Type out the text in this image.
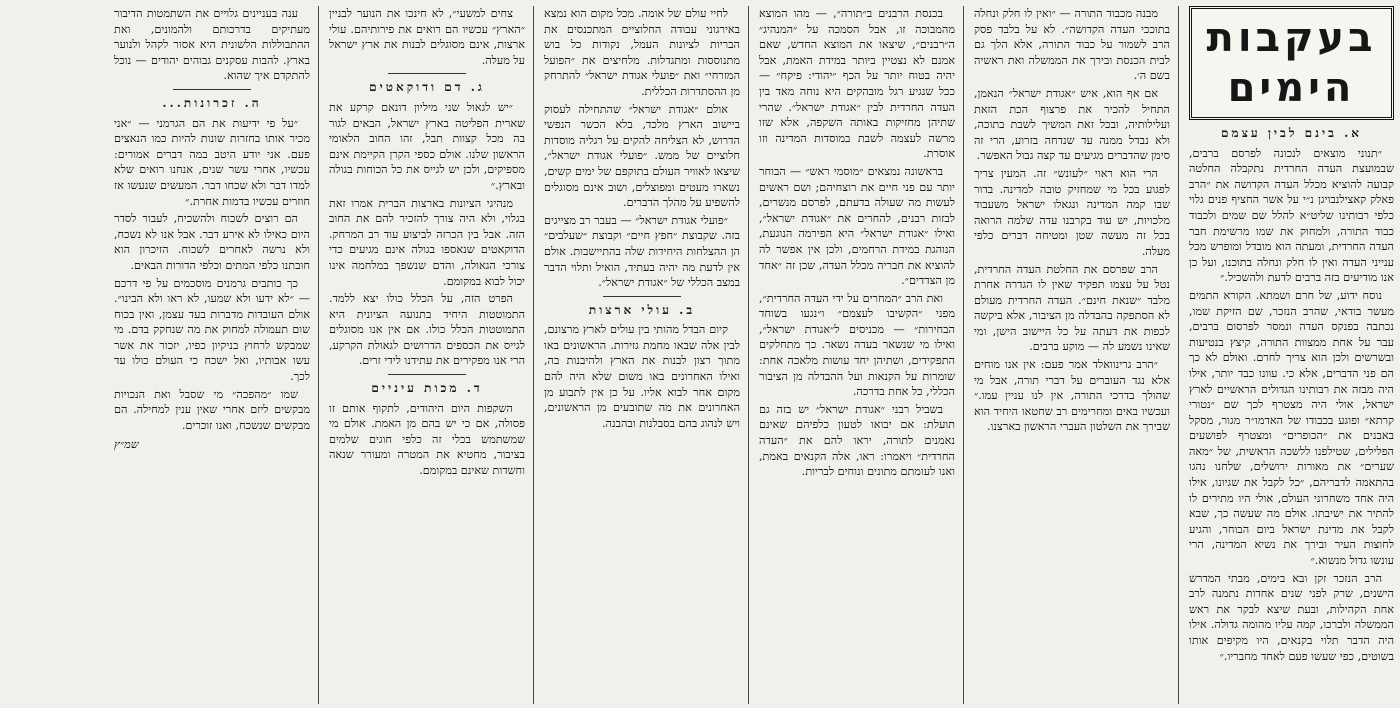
בעקבות הימים
א. בינם לבין עצמם

״תנוני מוצאים לנכונה לפרסם ברבים, שבמועצת העדה החרדית נתקבלה החלטה קבועה להוציא מכלל העדה הקדושה את ״הרב פאלק קאצילנבויגן נ״י על אשר החציף פנים גלוי כלפי רבותינו שליט״א להלל שם שמים ולכבוד כבוד התורה, ולמחוק את שמו מרשימת חבר העדה החרדית, ומעתה הוא מובדל ומופרש מכל ענייני העדה ואין לו חלק ונחלה בתוכנו, ועל כן אנו מודיעים בזה ברבים לדעת ולהשכיל.״

נוסח ידוע, של חרם ושמתא. הקורא התמים מעשר בודאי, שהרב הנזכר, שם הזיקת שמו, נכתבה בפנקס העדה ונמסר לפרסום ברבים, עבר על אחת ממצוות התורה, קיצץ בנטיעות ובשרשים ולכן הוא צריך לחרם. ואולם לא כך הם פני הדברים, אלא כי. עוונו כבד יותר, אילו היה מבזה את רבותינו הגדולים הראשיים לארץ ישראל, אולי היה מצטרף לכך שם ״נטורי קרתא״ ופוגע בכבודו של האדמו״ר מגור, מסקל באבנים את ״הכופרים״ ומצטרף לפושעים הפלילים, שטילפנו ללשכה הראשית, של ״מאה שערים״ את מאורות ירושלים, שלחנו נהגו בהתאמה לדבריהם, ״כל לקבל את שגיונו, אילו היה אחד משחרוני העולם, אולי היו מתירים לו להתיר את ישיבתו. אולם מה שעשה כך, שבא לקבל את מדינת ישראל ביום הבוחר, והגיע לחוצות העיר ובירך את נשיא המדינה, הרי עונשו גדול מנשוא.״

הרב הנזכר זקן ובא בימים, מבתי המדרש הישנים, שרק לפני שנים אחדות נתמנה לרב אחת הקהילות, ובעת שיצא לבקר את ראש הממשלה ולברכו, קמה עליו מהומה גדולה. אילו היה הדבר תלוי בקנאים, היו מקיפים אותו בשוטים, כפי שעשו פעם לאחד מחבריו.״

מבנה מכבוד התורה — ״ואין לו חלק ונחלה בתוככי העדה הקדושה״. לא על בלבד פסק הרב לשמור על כבוד התורה, אלא הלך גם לבית הכנסת ובירך את הממשלה ואת ראשיה בשם ה׳.

אם אף הוא, איש ״אגודת ישראל״ הנאמן, התחיל להכיר את פרצוף הכת הזאת ועלילותיה, ובכל זאת המשיך לשבת בתוכה, ולא נבדל ממנה עד שנדחה בזרוע, הרי זה סימן שהדברים מגיעים עד קצה גבול האפשר.

הרי הוא ראוי ״לעונש״ זה. המעין צריך לפגוע בכל מי שמחזיק טובה למדינה. בדור שבו קמה המדינה ונגאלו ישראל משעבוד מלכויות, יש עוד בקרבנו עדה שלמה הרואה בכל זה מעשה שטן ומטיחה דברים כלפי מעלה.

הרב שפרסם את החלטת העדה החרדית, נטל על עצמו תפקיד שאין לו הגדרה אחרת מלבד ״שנאת חינם״. העדה החרדית מעולם לא הסתפקה בהבדלה מן הציבור, אלא ביקשה לכפות את דעתה על כל היישוב הישן, ומי שאינו נשמע לה — מוקע ברבים.

״הרב גרינוואלד אמר פעם: אין אנו מוחים אלא נגד העוברים על דברי תורה, אבל מי שהולך בדרכי התורה, אין לנו עניין עמו.״ ועכשיו באים ומחרימים רב שחטאו היחיד הוא שבירך את השלטון העברי הראשון בארצנו.

בכנסת הרבנים ב״תורה״, — מהו המוצא מהמבוכה זו, אבל הסמכה על ״המנהיג״ ה״רבנים״, שיצאו את המוצא החדש, שאם אמנם לא נצטיין ביותר במידת האמת, אבל יהיה בטוח יותר על הכף ״יהודי: פיקח״ — ככל שנגיע רגל מובהקים היא נוחה מאד בין העדה החרדית לבין ״אגודת ישראל״. שהרי שתיהן מחזיקות באותה השקפה, אלא שזו מרשה לעצמה לשבת במוסדות המדינה וזו אוסרת.

בראשונה נמצאים ״מוסמי ראש״ — הבוחר יותר עם פני חיים את רוצחיהם; ושם ראשים לעשות מה שעולה בדעתם, לפרסם מנשרים, לבזות רבנים, להחרים את ״אגודת ישראל״, ואילו ״אגודת ישראל״ היא הפירמה הנוגעת, הנוהגת במידת הרחמים, ולכן אין אפשר לה להוציא את חבריה מכלל העדה, שכן זה ״אחד מן הצדדים״.

ואת הרב ״המחרים על ידי העדה החרדית״, מפני ״הקשיבו לעצמם״ ו״נגעו בשוחד הבחירות״ — מכניסים ל״אגודת ישראל״, ואילו מי שנשאר בעדה נשאר. כך מתחלקים התפקידים, ושתיהן יחד עושות מלאכה אחת: שומרות על הקנאות ועל ההבדלה מן הציבור הכללי, כל אחת בדרכה.

בשביל רבני ״אגודת ישראל״ יש בזה גם תועלת: אם יבואו לטעון כלפיהם שאינם נאמנים לתורה, יראו להם את ״העדה החרדית״ ויאמרו: ראו, אלה הקנאים באמת, ואנו לעומתם מתונים ונוחים לבריות.

לחיי עולם של אומה. מכל מקום הוא נמצא באירגוני עבודה החלוציים המתכנסים את הבריות לציונות העמל, נקודות כל בוש מתנוססות ומתגדלות. מלחיצים את ״הפועל המזרחי״ ואת ״פועלי אגודת ישראל״ להתרחק מן ההסתדרות הכללית.

אולם ״אגודת ישראל״ שהתחילה לעסוק ביישוב הארץ מלכד, בלא הכשר הנפשי הדרוש, לא הצליחה להקים על רגליה מוסדות חלוציים של ממש. ״פועלי אגודת ישראל״, שיצאו לאוויר העולם בתוקפם של ימים קשים, נשארו מעטים ומפוצלים, ושוב אינם מסוגלים להשפיע על מהלך הדברים.

״פועלי אגודת ישראל״ — בעבר רב מצייגים בזה. שקבוצת ״חפץ חיים״ וקבוצת ״שעלבים״ הן ההצלחות היחידות שלה בהתיישבות. אולם אין לדעת מה יהיה בעתיד, הואיל ותלוי הדבר במצב הכללי של ״אגודת ישראל״.

ב. עולי ארצות

קיום הבדל מהותי בין עולים לארץ מרצונם, לבין אלה שבאו מחמת גזירות. הראשונים באו מתוך רצון לבנות את הארץ ולהיבנות בה, ואילו האחרונים באו משום שלא היה להם מקום אחר לבוא אליו. על כן אין לתבוע מן האחרונים את מה שתובעים מן הראשונים, ויש לנהוג בהם בסבלנות ובהבנה.

צחים למשעי״, לא חינכו את הנוער לבניין ״הארץ״ עכשיו הם רואים את פירותיהם. עולי ארצות, אינם מסוגלים לבנות את ארץ ישראל על מעלה.

ג. דם ודוקאטים

״יש לגאול שני מיליון דונאם קרקע את שארית הפליטה בארץ ישראל, הבאים לגור בה מכל קצוות תבל, זהו החוב הלאומי הראשון שלנו. אולם כספי הקרן הקיימת אינם מספיקים, ולכן יש לגייס את כל הכוחות בגולה ובארץ.״

מנהיגי הציונות בארצות הברית אמרו זאת בגלוי, ולא היה צורך להזכיר להם את החוב הזה. אבל בין הכרזה לביצוע עוד רב המרחק. הדוקאטים שנאספו בגולה אינם מגיעים כדי צורכי הגאולה, והדם שנשפך במלחמה אינו יכול לבוא במקומם.

הפרט הזה, על הכלל כולו יצא ללמד. התמוטטות היחיד בתנועה הציונית היא התמוטטות הכלל כולו. אם אין אנו מסוגלים לגייס את הכספים הדרושים לגאולת הקרקע, הרי אנו מפקירים את עתידנו לידי זרים.

ד. מכות עיניים

השקפות היום היהודים, לתקוף אותם זו פסולה, אם כי יש בהם מן האמת. אולם מי שמשתמש בכלי זה כלפי חוגים שלמים בציבור, מחטיא את המטרה ומעורר שנאה וחשדות שאינם במקומם.

ענה בעניינים גלויים את השתמטות הדיבור מעתיקים בדרכותם ולהמונים, ואת ההתבוללות הלשונית היא אסור לקהל ולנוער בארץ. להבות עסקנים גבוהים יהודים — נוכל להתקדם איך שהוא.

ה. זכרונות...

״על פי ידיעות את הם הגרמני — ״אני מכיר אותו בחזרות שונות להיות כמו הנאצים פעם. אני יודע היטב במה דברים אמורים: עכשיו, אחרי עשר שנים, אנחנו רואים שלא למדו דבר ולא שכחו דבר. המעשים שנעשו אז חוזרים עכשיו בדמות אחרת.״

הם רוצים לשכוח ולהשכיח, לעבור לסדר היום כאילו לא אירע דבר. אבל אנו לא נשכח, ולא נרשה לאחרים לשכוח. הזיכרון הוא חובתנו כלפי המתים וכלפי הדורות הבאים.

כך כותבים גרמנים מוסכמים על פי דרכם — ״לא ידעו ולא שמעו, לא ראו ולא הבינו״. אולם העובדות מדברות בעד עצמן, ואין בכוח שום תעמולה למחוק את מה שנחקק בדם. מי שמבקש לרחוץ בניקיון כפיו, יזכור את אשר עשו אבותיו, ואל ישכח כי העולם כולו עד לכך.

שמו ״מהפכה״ מי שסבל ואת הנכויות מבקשים ליזם אחרי שאין ענין למחילה. הם מבקשים שנשכח, ואנו זוכרים.

שמ״ץ
